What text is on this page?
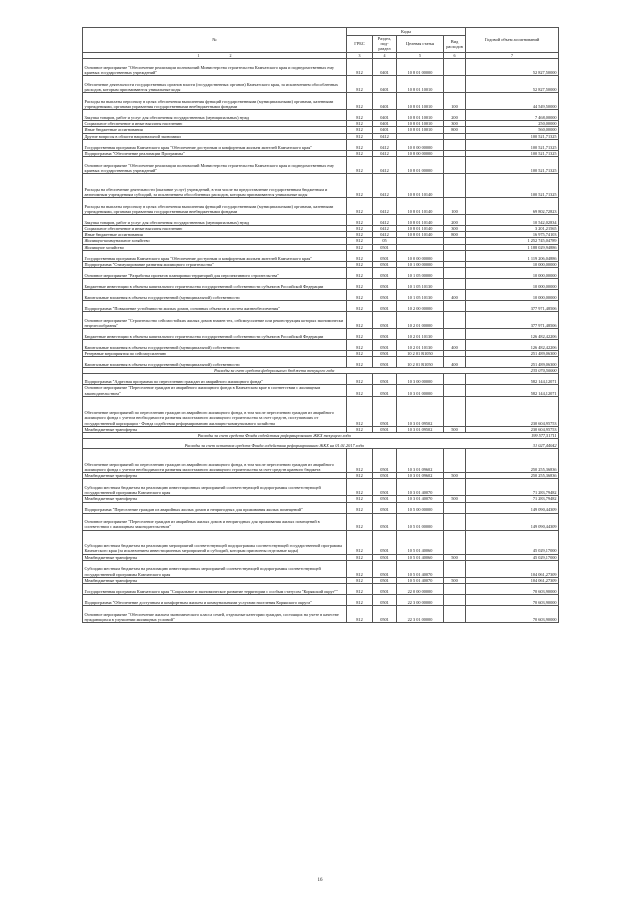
№	Коды				Годовой объем ассигнований
	ГРБС	Раздел, под-раздел	Целевая статья	Вид расходов	
1 2	3	4	5	6	7
Основное мероприятие "Обеспечение реализации полномочий Министерства строительства Камчатского края и подведомственных ему краевых государственных учреждений"	812	0401	10 8 01 00000		52 827,50000
Обеспечение деятельности государственных органов власти (государственных органов) Камчатского края, за исключением обособленных расходов, которым присваиваются уникальные коды	812	0401	10 8 01 10010		52 827,50000
Расходы на выплаты персоналу в целях обеспечения выполнения функций государственными (муниципальными) органами, казенными учреждениями, органами управления государственными внебюджетными фондами	812	0401	10 8 01 10010	100	44 549,50000
Закупка товаров, работ и услуг для обеспечения государственных (муниципальных) нужд	812	0401	10 8 01 10010	200	7 468,00000
Социальное обеспечение и иные выплаты населению	812	0401	10 8 01 10010	300	250,00000
Иные бюджетные ассигнования	812	0401	10 8 01 10010	800	560,00000
Другие вопросы в области национальной экономики	812	0412			100 521,71325
Государственная программа Камчатского края "Обеспечение доступным и комфортным жильем жителей Камчатского края"	812	0412	10 0 00 00000		100 521,71325
Подпрограмма "Обеспечение реализации Программы"	812	0412	10 8 00 00000		100 521,71325
Основное мероприятие "Обеспечение реализации полномочий Министерства строительства Камчатского края и подведомственных ему краевых государственных учреждений"	812	0412	10 8 01 00000		100 521,71325
Расходы на обеспечение деятельности (оказание услуг) учреждений, в том числе на предоставление государственным бюджетным и автономным учреждениям субсидий, за исключением обособленных расходов, которым присваиваются уникальные коды	812	0412	10 8 01 10140		100 521,71325
Расходы на выплаты персоналу в целях обеспечения выполнения функций государственными (муниципальными) органами, казенными учреждениями, органами управления государственными внебюджетными фондами	812	0412	10 8 01 10140	100	69 802,72823
Закупка товаров, работ и услуг для обеспечения государственных (муниципальных) нужд	812	0412	10 8 01 10140	200	10 542,02834
Социальное обеспечение и иные выплаты населению	812	0412	10 8 01 10140	300	3 201,21565
Иные бюджетные ассигнования	812	0412	10 8 01 10140	800	16 975,74103
Жилищно-коммунальное хозяйство	812	05			1 252 745,04789
Жилищное хозяйство	812	0501			1 188 029,94886
Государственная программа Камчатского края "Обеспечение доступным и комфортным жильем жителей Камчатского края"	812	0501	10 0 00 00000		1 119 206,04886
Подпрограмма "Стимулирование развития жилищного строительства"	812	0501	10 1 00 00000		10 000,00000
Основное мероприятие "Разработка проектов планировки территорий для перспективного строительства"	812	0501	10 1 05 00000		10 000,00000
Бюджетные инвестиции в объекты капитального строительства государственной собственности субъектов Российской Федерации	812	0501	10 1 05 10130		10 000,00000
Капитальные вложения в объекты государственной (муниципальной) собственности	812	0501	10 1 05 10130	400	10 000,00000
Подпрограмма "Повышение устойчивости жилых домов, основных объектов и систем жизнеобеспечения"	812	0501	10 2 00 00000		377 971,48506
Основное мероприятие "Строительство сейсмостойких жилых домов взамен тех, сейсмоусиление или реконструкция которых экономически нецелесообразны"	812	0501	10 2 01 00000		377 971,48506
Бюджетные инвестиции в объекты капитального строительства государственной собственности субъектов Российской Федерации	812	0501	10 2 01 10130		126 482,42206
Капитальные вложения в объекты государственной (муниципальной) собственности	812	0501	10 2 01 10130	400	126 482,42206
Резервные мероприятия по сейсмоусилению	812	0501	10 2 01 R1050		251 489,06300
Капитальные вложения в объекты государственной (муниципальной) собственности	812	0501	10 2 01 R1050	400	251 489,06300
Расходы за счет средств федерального бюджета текущего года					235 070,50000
Подпрограмма "Адресная программа по переселению граждан из аварийного жилищного фонда"	812	0501	10 3 00 00000		582 144,12071
Основное мероприятие "Переселение граждан из аварийного жилищного фонда в Камчатском крае в соответствии с жилищным законодательством"	812	0501	10 3 01 00000		582 144,12071
Обеспечение мероприятий по переселению граждан из аварийного жилищного фонда, в том числе переселению граждан из аварийного жилищного фонда с учетом необходимости развития малоэтажного жилищного строительства за счет средств, поступивших от государственной корпорации - Фонда содействия реформированию жилищно-коммунального хозяйства	812	0501	10 3 01 09502		230 604,95753
Межбюджетные трансферты	812	0501	10 3 01 09502	500	230 604,95753
Расходы за счет средств Фонда содействия реформированию ЖКХ текущего года					199 577,51711
Расходы за счет остатков средств Фонда содействия реформированию ЖКХ на 01.01.2017 года					31 027,44042
Обеспечение мероприятий по переселению граждан из аварийного жилищного фонда, в том числе переселению граждан из аварийного жилищного фонда с учетом необходимости развития малоэтажного жилищного строительства за счет средств краевого бюджета	812	0501	10 3 01 09602		250 255,36836
Межбюджетные трансферты	812	0501	10 3 01 09602	500	250 255,36836
Субсидии местным бюджетам на реализацию инвестиционных мероприятий соответствующей подпрограммы соответствующей государственной программы Камчатского края	812	0501	10 3 01 40070		71 283,79482
Межбюджетные трансферты	812	0501	10 3 01 40070	500	71 283,79482
Подпрограмма "Переселение граждан из аварийных жилых домов и непригодных для проживания жилых помещений"	812	0501	10 5 00 00000		149 090,44309
Основное мероприятие "Переселение граждан из аварийных жилых домов и непригодных для проживания жилых помещений в соответствии с жилищным законодательством"	812	0501	10 5 01 00000		149 090,44309
Субсидии местным бюджетам на реализацию мероприятий соответствующей подпрограммы соответствующей государственной программы Камчатского края (за исключением инвестиционных мероприятий и субсидий, которым присвоены отдельные коды)	812	0501	10 5 01 40060		45 029,17000
Межбюджетные трансферты	812	0501	10 5 01 40060	500	45 029,17000
Субсидии местным бюджетам на реализацию инвестиционных мероприятий соответствующей подпрограммы соответствующей государственной программы Камчатского края	812	0501	10 5 01 40070		104 061,27309
Межбюджетные трансферты	812	0501	10 5 01 40070	500	104 061,27309
Государственная программа Камчатского края "Социальное и экономическое развитие территории с особым статусом "Корякский округ""	812	0501	22 0 00 00000		70 603,90000
Подпрограмма "Обеспечение доступным и комфортным жильем и коммунальными услугами населения Корякского округа"	812	0501	22 3 00 00000		70 603,90000
Основное мероприятие "Обеспечение жильем экономического класса семей, отдельные категории граждан, состоящих на учете в качестве нуждающихся в улучшении жилищных условий"	812	0501	22 3 01 00000		70 603,90000
16
